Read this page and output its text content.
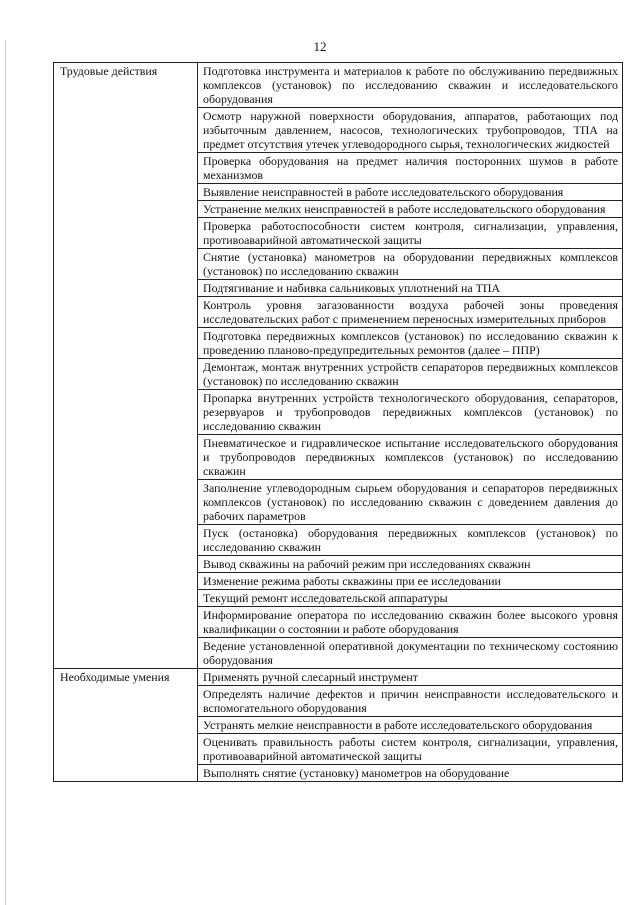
12
Трудовые действия	Подготовка инструмента и материалов к работе по обслуживанию передвижных комплексов (установок) по исследованию скважин и исследовательского оборудования
	Осмотр наружной поверхности оборудования, аппаратов, работающих под избыточным давлением, насосов, технологических трубопроводов, ТПА на предмет отсутствия утечек углеводородного сырья, технологических жидкостей
	Проверка оборудования на предмет наличия посторонних шумов в работе механизмов
	Выявление неисправностей в работе исследовательского оборудования
	Устранение мелких неисправностей в работе исследовательского оборудования
	Проверка работоспособности систем контроля, сигнализации, управления, противоаварийной автоматической защиты
	Снятие (установка) манометров на оборудовании передвижных комплексов (установок) по исследованию скважин
	Подтягивание и набивка сальниковых уплотнений на ТПА
	Контроль уровня загазованности воздуха рабочей зоны проведения исследовательских работ с применением переносных измерительных приборов
	Подготовка передвижных комплексов (установок) по исследованию скважин к проведению планово-предупредительных ремонтов (далее – ППР)
	Демонтаж, монтаж внутренних устройств сепараторов передвижных комплексов (установок) по исследованию скважин
	Пропарка внутренних устройств технологического оборудования, сепараторов, резервуаров и трубопроводов передвижных комплексов (установок) по исследованию скважин
	Пневматическое и гидравлическое испытание исследовательского оборудования и трубопроводов передвижных комплексов (установок) по исследованию скважин
	Заполнение углеводородным сырьем оборудования и сепараторов передвижных комплексов (установок) по исследованию скважин с доведением давления до рабочих параметров
	Пуск (остановка) оборудования передвижных комплексов (установок) по исследованию скважин
	Вывод скважины на рабочий режим при исследованиях скважин
	Изменение режима работы скважины при ее исследовании
	Текущий ремонт исследовательской аппаратуры
	Информирование оператора по исследованию скважин более высокого уровня квалификации о состоянии и работе оборудования
	Ведение установленной оперативной документации по техническому состоянию оборудования
Необходимые умения	Применять ручной слесарный инструмент
	Определять наличие дефектов и причин неисправности исследовательского и вспомогательного оборудования
	Устранять мелкие неисправности в работе исследовательского оборудования
	Оценивать правильность работы систем контроля, сигнализации, управления, противоаварийной автоматической защиты
	Выполнять снятие (установку) манометров на оборудование
